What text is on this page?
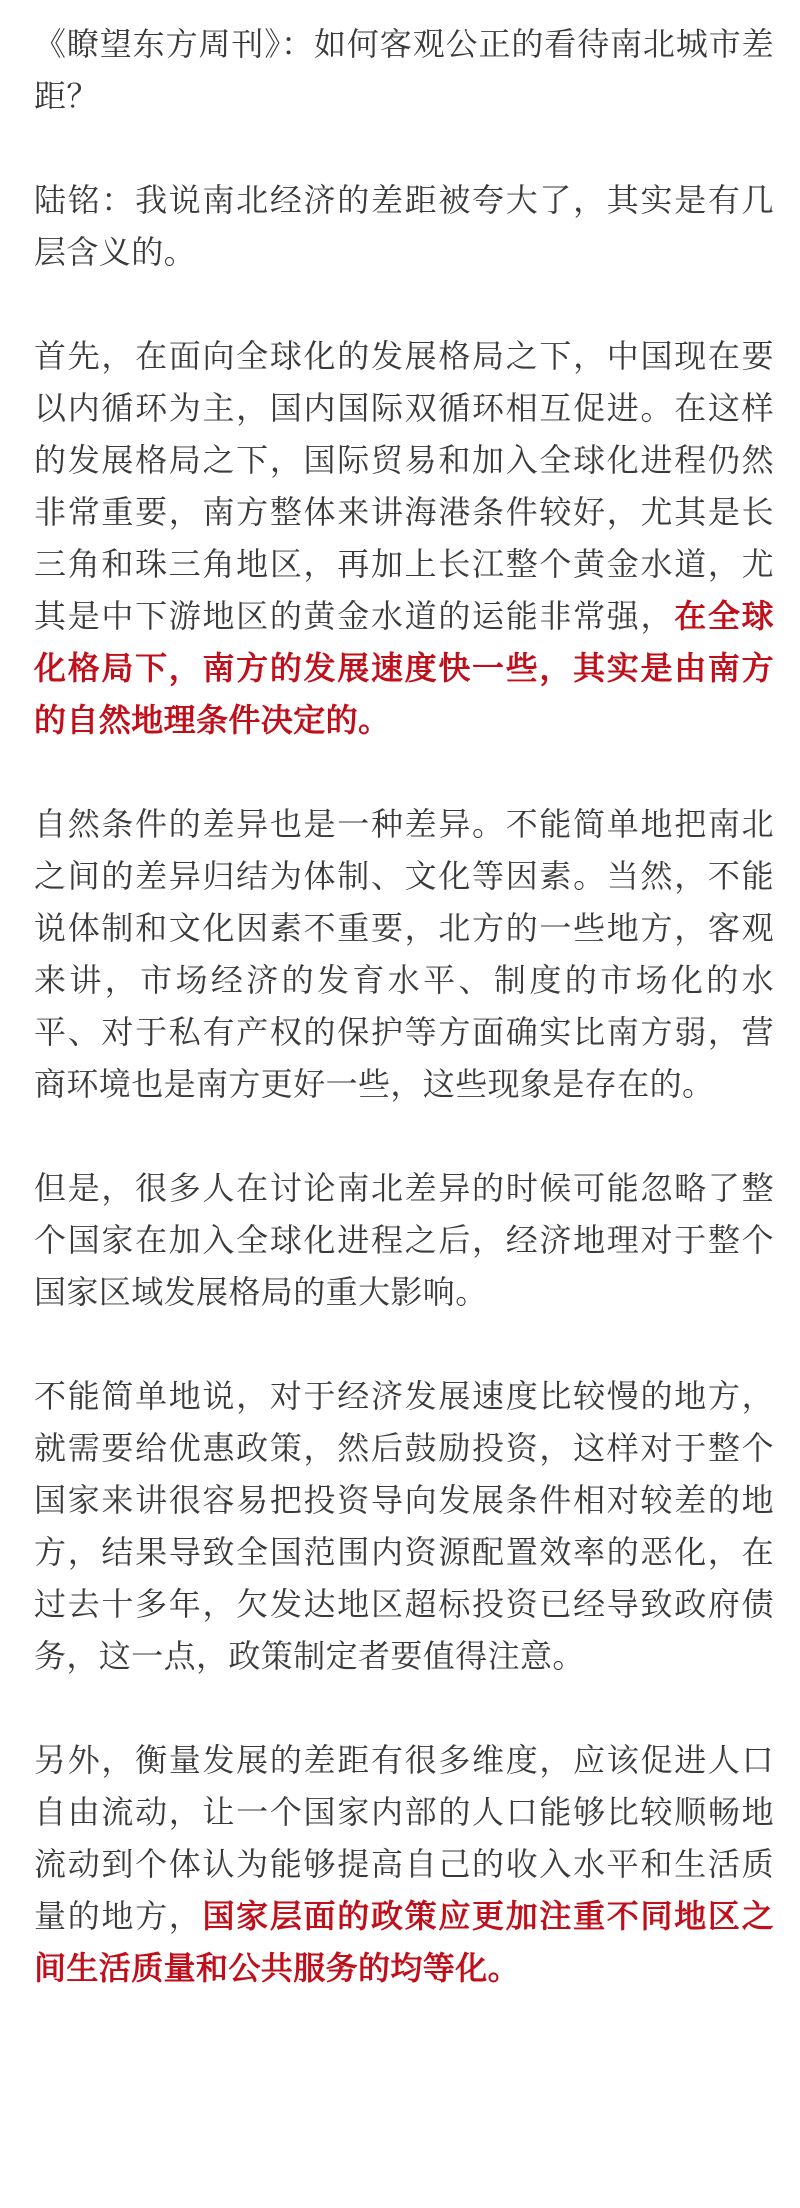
《瞭望东方周刊》：如何客观公正的看待南北城市差距？

陆铭：我说南北经济的差距被夸大了，其实是有几层含义的。

首先，在面向全球化的发展格局之下，中国现在要以内循环为主，国内国际双循环相互促进。在这样的发展格局之下，国际贸易和加入全球化进程仍然非常重要，南方整体来讲海港条件较好，尤其是长三角和珠三角地区，再加上长江整个黄金水道，尤其是中下游地区的黄金水道的运能非常强，在全球化格局下，南方的发展速度快一些，其实是由南方的自然地理条件决定的。

自然条件的差异也是一种差异。不能简单地把南北之间的差异归结为体制、文化等因素。当然，不能说体制和文化因素不重要，北方的一些地方，客观来讲，市场经济的发育水平、制度的市场化的水平、对于私有产权的保护等方面确实比南方弱，营商环境也是南方更好一些，这些现象是存在的。

但是，很多人在讨论南北差异的时候可能忽略了整个国家在加入全球化进程之后，经济地理对于整个国家区域发展格局的重大影响。

不能简单地说，对于经济发展速度比较慢的地方，就需要给优惠政策，然后鼓励投资，这样对于整个国家来讲很容易把投资导向发展条件相对较差的地方，结果导致全国范围内资源配置效率的恶化，在过去十多年，欠发达地区超标投资已经导致政府债务，这一点，政策制定者要值得注意。

另外，衡量发展的差距有很多维度，应该促进人口自由流动，让一个国家内部的人口能够比较顺畅地流动到个体认为能够提高自己的收入水平和生活质量的地方，国家层面的政策应更加注重不同地区之间生活质量和公共服务的均等化。
